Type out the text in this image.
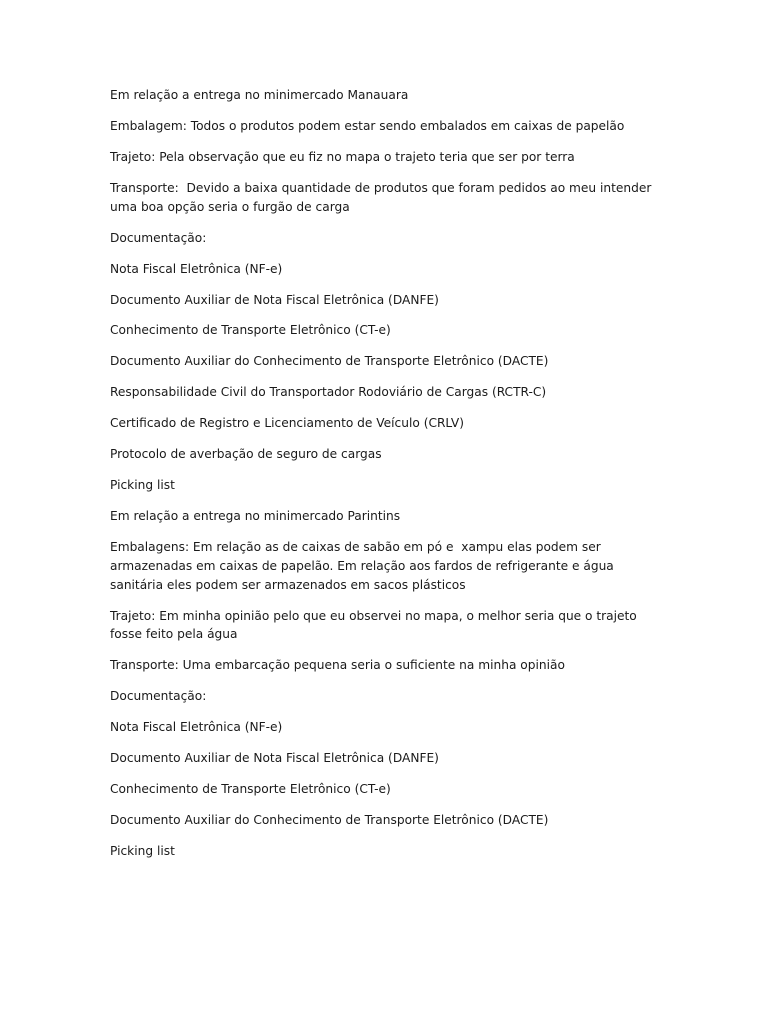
Em relação a entrega no minimercado Manauara

Embalagem: Todos o produtos podem estar sendo embalados em caixas de papelão

Trajeto: Pela observação que eu fiz no mapa o trajeto teria que ser por terra

Transporte:  Devido a baixa quantidade de produtos que foram pedidos ao meu intender uma boa opção seria o furgão de carga

Documentação:

Nota Fiscal Eletrônica (NF-e)

Documento Auxiliar de Nota Fiscal Eletrônica (DANFE)

Conhecimento de Transporte Eletrônico (CT-e)

Documento Auxiliar do Conhecimento de Transporte Eletrônico (DACTE)

Responsabilidade Civil do Transportador Rodoviário de Cargas (RCTR-C)

Certificado de Registro e Licenciamento de Veículo (CRLV)

Protocolo de averbação de seguro de cargas

Picking list

Em relação a entrega no minimercado Parintins

Embalagens: Em relação as de caixas de sabão em pó e  xampu elas podem ser armazenadas em caixas de papelão. Em relação aos fardos de refrigerante e água sanitária eles podem ser armazenados em sacos plásticos

Trajeto: Em minha opinião pelo que eu observei no mapa, o melhor seria que o trajeto fosse feito pela água

Transporte: Uma embarcação pequena seria o suficiente na minha opinião

Documentação:

Nota Fiscal Eletrônica (NF-e)

Documento Auxiliar de Nota Fiscal Eletrônica (DANFE)

Conhecimento de Transporte Eletrônico (CT-e)

Documento Auxiliar do Conhecimento de Transporte Eletrônico (DACTE)

Picking list
